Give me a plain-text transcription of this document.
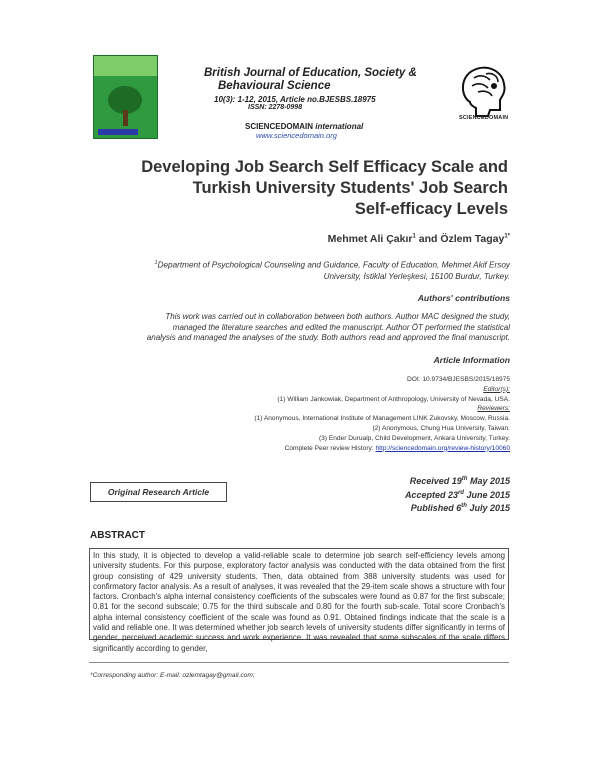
British Journal of Education, Society &
Behavioural Science
10(3): 1-12, 2015, Article no.BJESBS.18975
ISSN: 2278-0998
SCIENCEDOMAIN international
www.sciencedomain.org
SCIENCEDOMAIN
Developing Job Search Self Efficacy Scale and
Turkish University Students' Job Search
Self-efficacy Levels
Mehmet Ali Çakır$^1$ and Özlem Tagay$^{1*}$
$^1$Department of Psychological Counseling and Guidance, Faculty of Education, Mehmet Akif Ersoy
University, İstiklal Yerleşkesi, 15100 Burdur, Turkey.
Authors' contributions
This work was carried out in collaboration between both authors. Author MAC designed the study,
managed the literature searches and edited the manuscript. Author ÖT performed the statistical
analysis and managed the analyses of the study. Both authors read and approved the final manuscript.
Article Information
DOI: 10.9734/BJESBS/2015/18975
Editor(s):
(1) William Jankowiak, Department of Anthropology, University of Nevada, USA.
Reviewers:
(1) Anonymous, International Institute of Management LINK Zukovsky, Moscow, Russia.
(2) Anonymous, Chung Hua University, Taiwan.
(3) Ender Durualp, Child Development, Ankara University, Turkey.
Complete Peer review History: http://sciencedomain.org/review-history/10060
Received 19th May 2015
Accepted 23rd June 2015
Published 6th July 2015
Original Research Article
ABSTRACT
In this study, it is objected to develop a valid-reliable scale to determine job search self-efficiency levels among university students. For this purpose, exploratory factor analysis was conducted with the data obtained from the first group consisting of 429 university students. Then, data obtained from 388 university students was used for confirmatory factor analysis. As a result of analyses, it was revealed that the 29-item scale shows a structure with four factors. Cronbach's alpha internal consistency coefficients of the subscales were found as 0.87 for the first subscale; 0.81 for the second subscale; 0.75 for the third subscale and 0.80 for the fourth sub-scale. Total score Cronbach's alpha internal consistency coefficient of the scale was found as 0.91. Obtained findings indicate that the scale is a valid and reliable one. It was determined whether job search levels of university students differ significantly in terms of gender, perceived academic success and work experience. It was revealed that some subscales of the scale differs significantly according to gender,
*Corresponding author: E-mail: ozlemtagay@gmail.com;
